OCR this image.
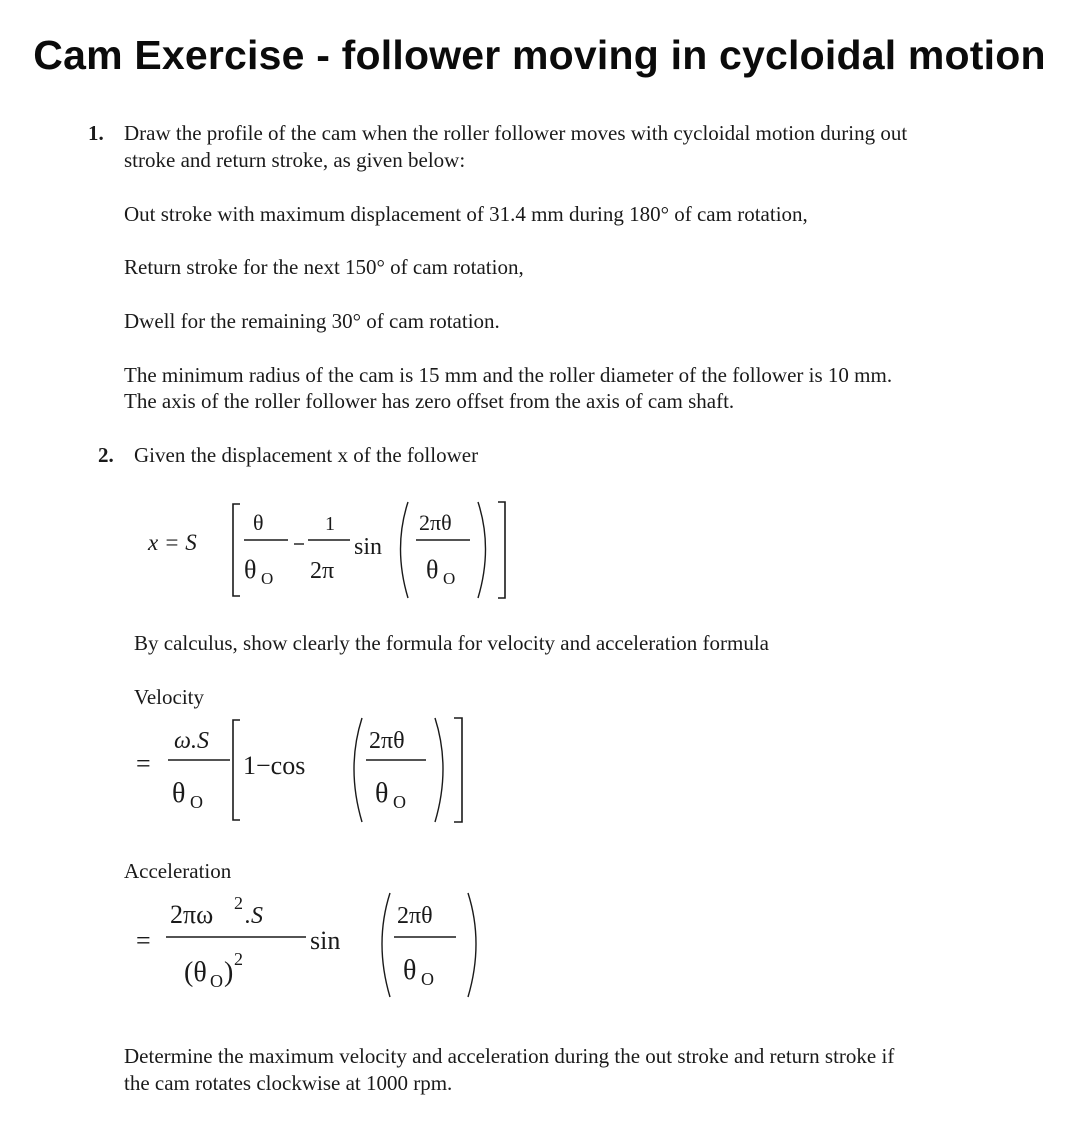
Cam Exercise - follower moving in cycloidal motion
1. Draw the profile of the cam when the roller follower moves with cycloidal motion during out
stroke and return stroke, as given below:
Out stroke with maximum displacement of 31.4 mm during 180° of cam rotation,
Return stroke for the next 150° of cam rotation,
Dwell for the remaining 30° of cam rotation.
The minimum radius of the cam is 15 mm and the roller diameter of the follower is 10 mm.
The axis of the roller follower has zero offset from the axis of cam shaft.
2. Given the displacement x of the follower
x = S
θ
θ O
1
2π
sin
2πθ
θ O
By calculus, show clearly the formula for velocity and acceleration formula
Velocity
=
ω.S
θ O
1−cos
2πθ
θ O
Acceleration
=
2πω 2 .S
(θ O ) 2
sin
2πθ
θ O
Determine the maximum velocity and acceleration during the out stroke and return stroke if
the cam rotates clockwise at 1000 rpm.
